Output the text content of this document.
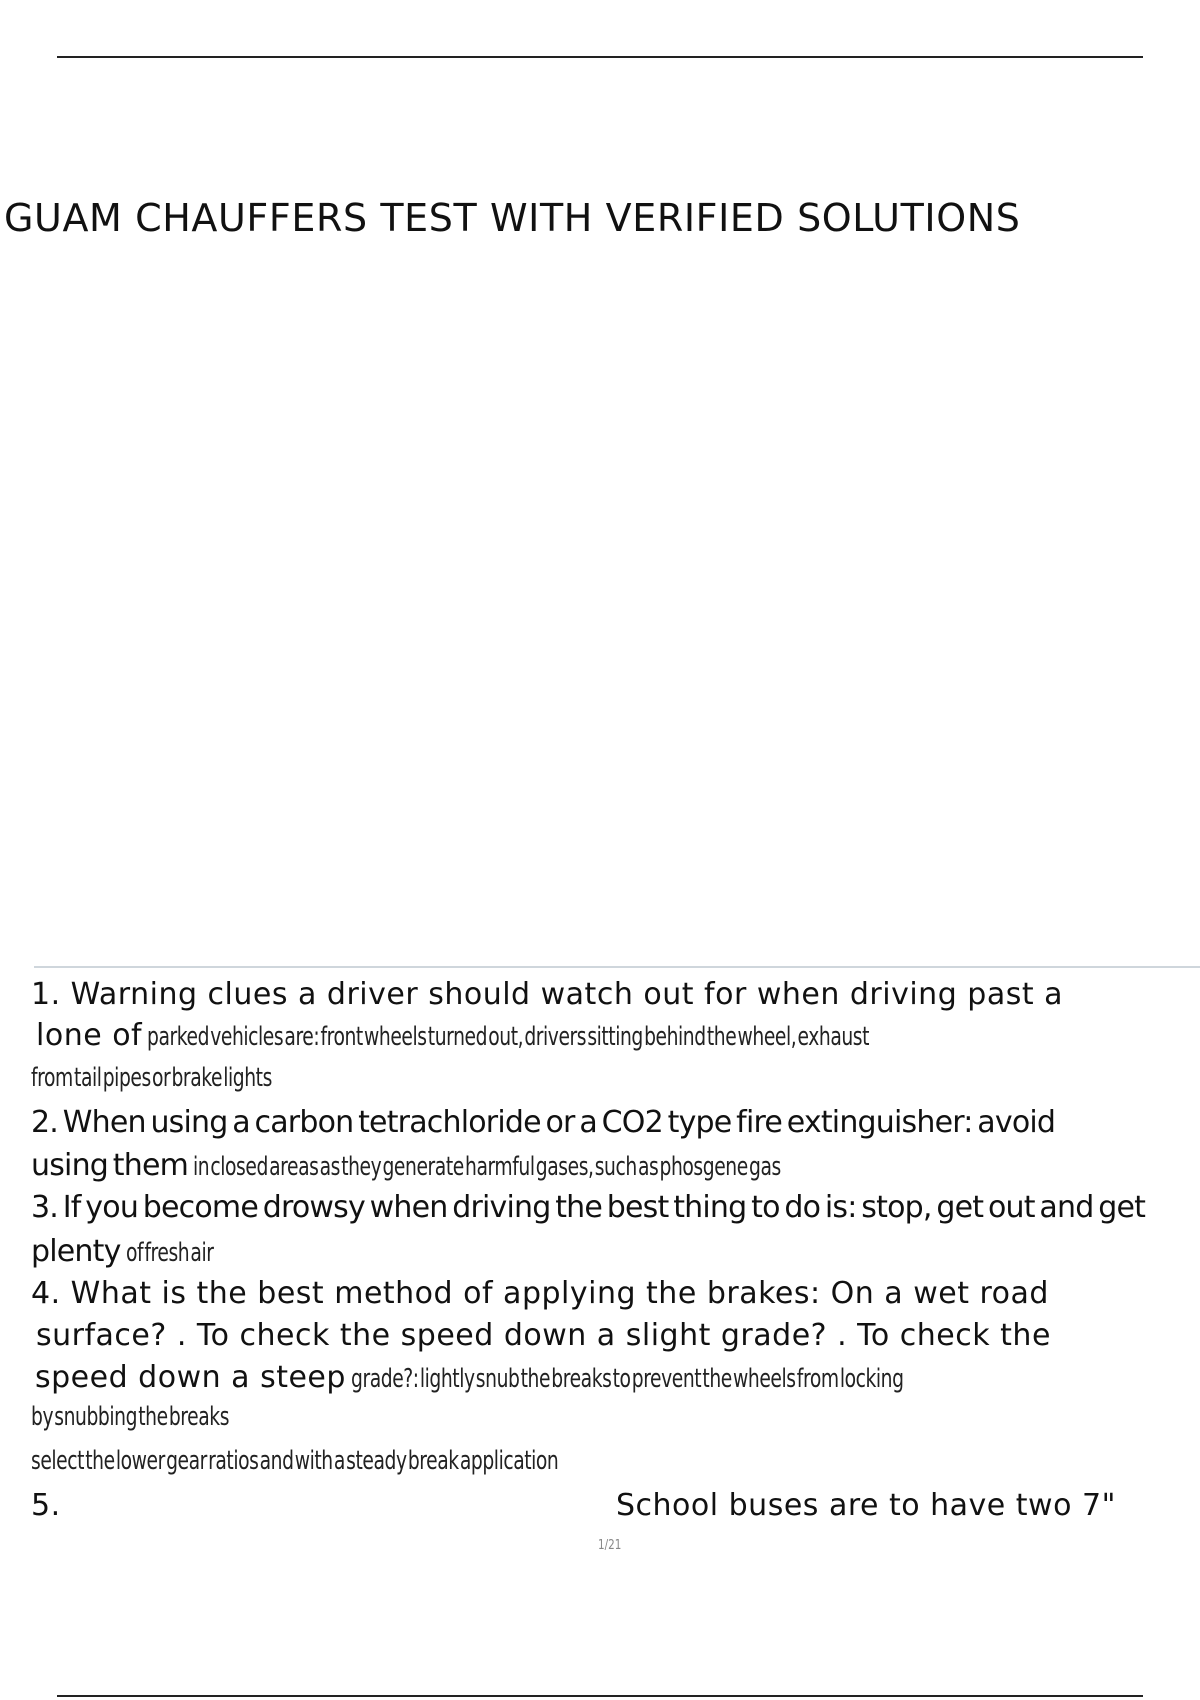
GUAM CHAUFFERS TEST WITH VERIFIED SOLUTIONS
1. Warning clues a driver should watch out for when driving past a
lone of parked vehicles are: front wheels turned out, drivers sitting behind the wheel, exhaust
from tail pipes or brake lights
2. When using a carbon tetrachloride or a CO2 type fire extinguisher: avoid
using them in closed areas as they generate harmful gases, such as phosgene gas
3. If you become drowsy when driving the best thing to do is: stop, get out and get
plenty of fresh air
4. What is the best method of applying the brakes: On a wet road
surface? . To check the speed down a slight grade? . To check the
speed down a steep grade?: lightly snub the breaks to prevent the wheels from locking
by snubbing the breaks
select the lower gear ratios and with a steady break application
5.	School buses are to have two 7"
1/21
